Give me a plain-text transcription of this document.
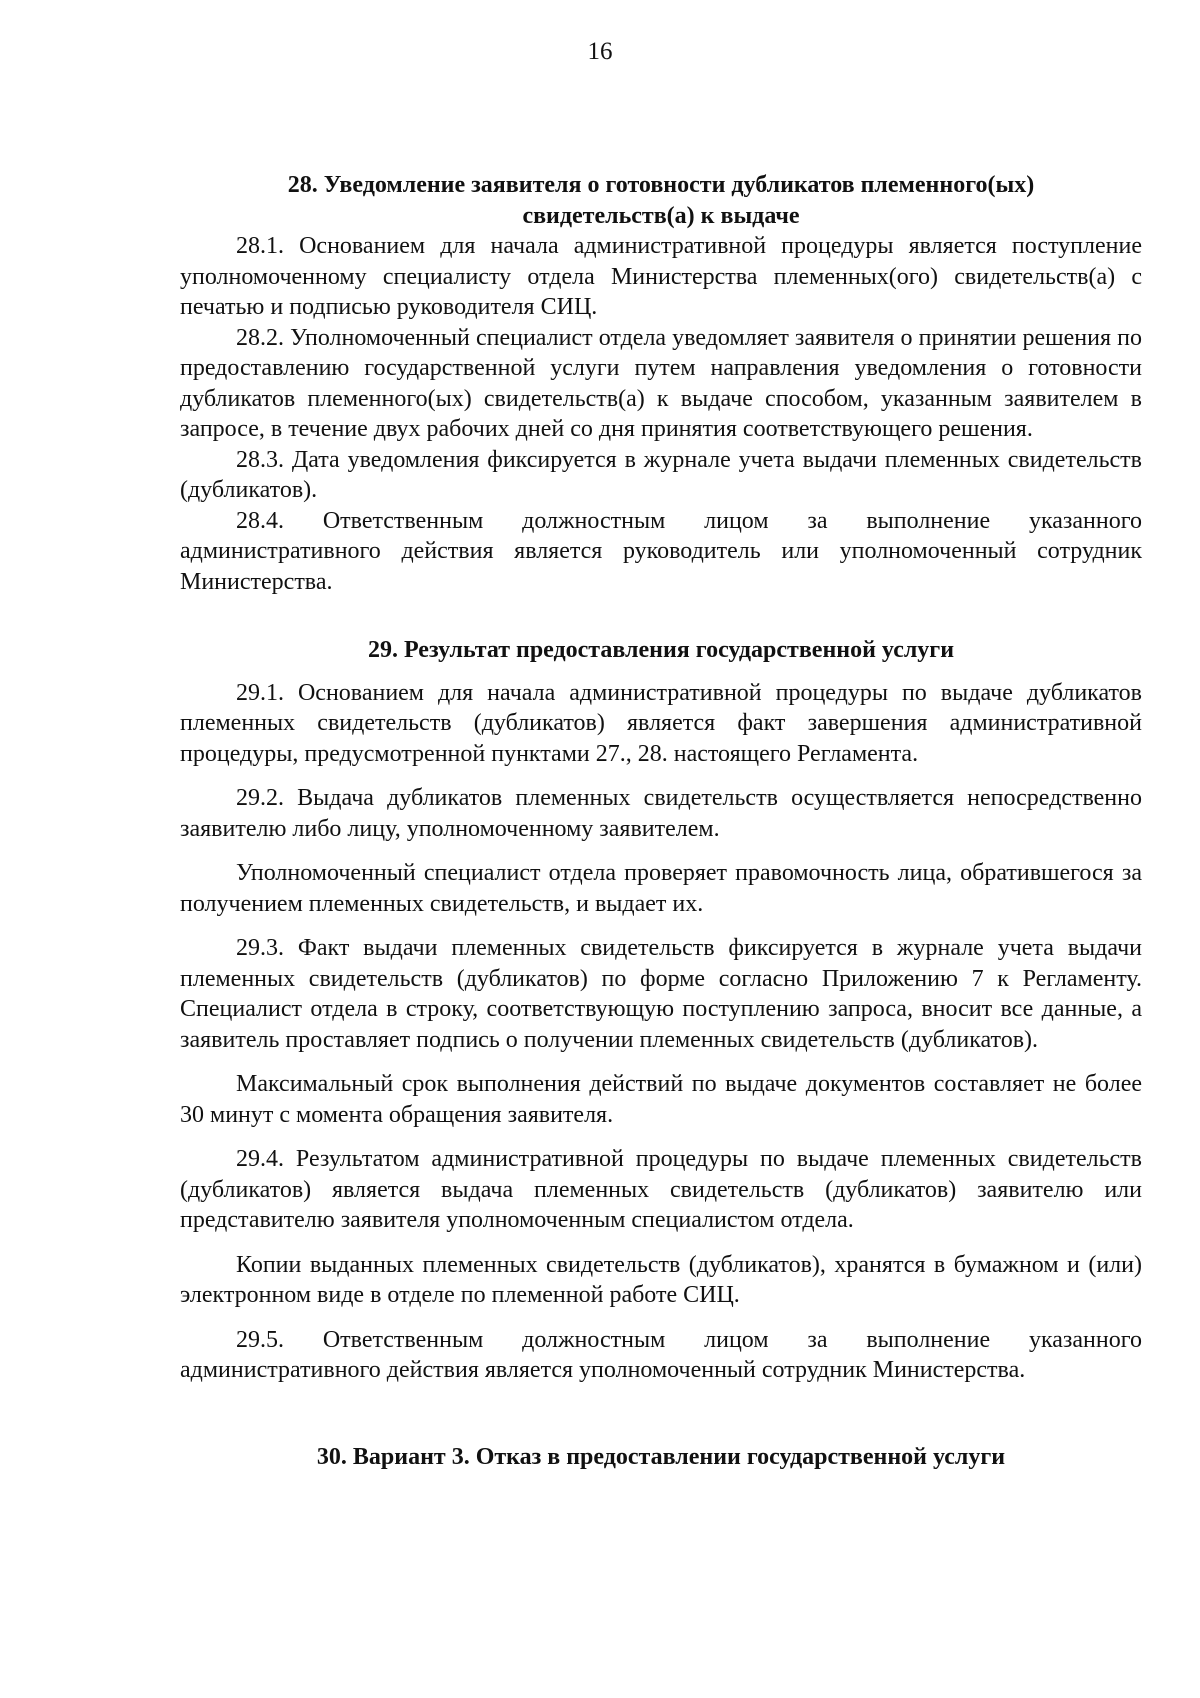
16

28. Уведомление заявителя о готовности дубликатов племенного(ых)

свидетельств(а) к выдаче

28.1. Основанием для начала административной процедуры является поступление уполномоченному специалисту отдела Министерства племенных(ого) свидетельств(а) с печатью и подписью руководителя СИЦ.

28.2. Уполномоченный специалист отдела уведомляет заявителя о принятии решения по предоставлению государственной услуги путем направления уведомления о готовности дубликатов племенного(ых) свидетельств(а) к выдаче способом, указанным заявителем в запросе, в течение двух рабочих дней со дня принятия соответствующего решения.

28.3. Дата уведомления фиксируется в журнале учета выдачи племенных свидетельств (дубликатов).

28.4. Ответственным должностным лицом за выполнение указанного административного действия является руководитель или уполномоченный сотрудник Министерства.

29. Результат предоставления государственной услуги

29.1. Основанием для начала административной процедуры по выдаче дубликатов племенных свидетельств (дубликатов) является факт завершения административной процедуры, предусмотренной пунктами 27., 28. настоящего Регламента.

29.2. Выдача дубликатов племенных свидетельств осуществляется непосредственно заявителю либо лицу, уполномоченному заявителем.

Уполномоченный специалист отдела проверяет правомочность лица, обратившегося за получением племенных свидетельств, и выдает их.

29.3. Факт выдачи племенных свидетельств фиксируется в журнале учета выдачи племенных свидетельств (дубликатов) по форме согласно Приложению 7 к Регламенту. Специалист отдела в строку, соответствующую поступлению запроса, вносит все данные, а заявитель проставляет подпись о получении племенных свидетельств (дубликатов).

Максимальный срок выполнения действий по выдаче документов составляет не более 30 минут с момента обращения заявителя.

29.4. Результатом административной процедуры по выдаче племенных свидетельств (дубликатов) является выдача племенных свидетельств (дубликатов) заявителю или представителю заявителя уполномоченным специалистом отдела.

Копии выданных племенных свидетельств (дубликатов), хранятся в бумажном и (или) электронном виде в отделе по племенной работе СИЦ.

29.5. Ответственным должностным лицом за выполнение указанного административного действия является уполномоченный сотрудник Министерства.

30. Вариант 3. Отказ в предоставлении государственной услуги
